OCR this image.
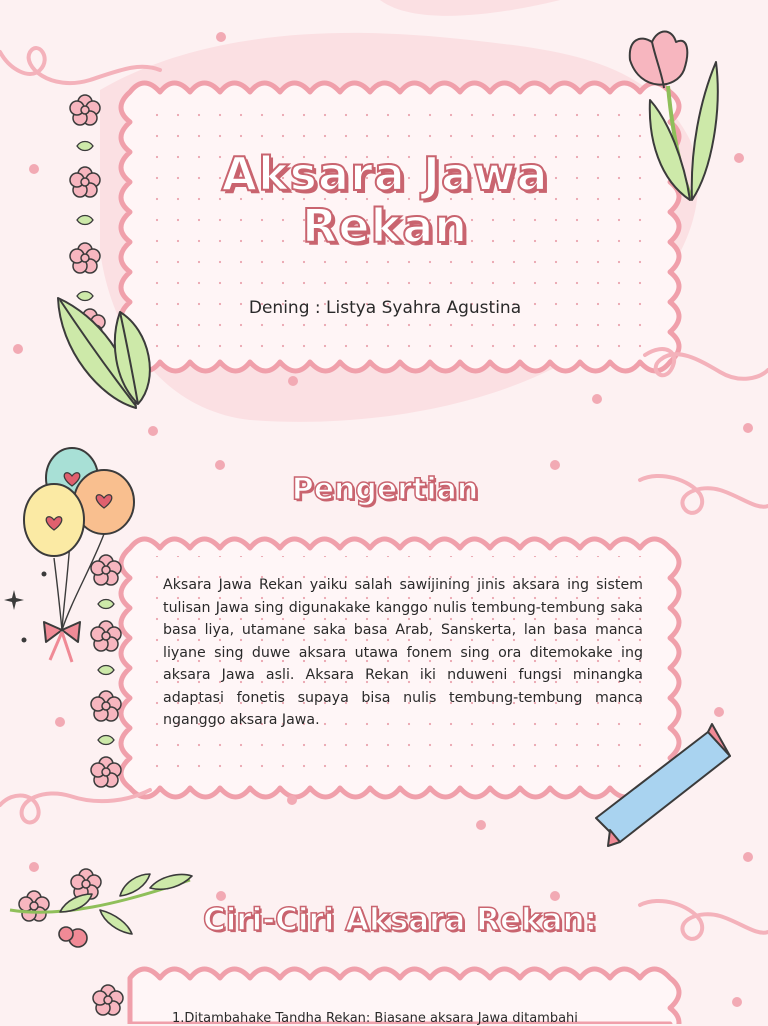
Aksara Jawa
Rekan
Dening : Listya Syahra Agustina
Pengertian
Aksara Jawa Rekan yaiku salah sawijining jinis aksara ing sistem tulisan Jawa sing digunakake kanggo nulis tembung-tembung saka basa liya, utamane saka basa Arab, Sanskerta, lan basa manca liyane sing duwe aksara utawa fonem sing ora ditemokake ing aksara Jawa asli. Aksara Rekan iki nduweni fungsi minangka adaptasi fonetis supaya bisa nulis tembung-tembung manca nganggo aksara Jawa.
Ciri-Ciri Aksara Rekan:
1.Ditambahake Tandha Rekan: Biasane aksara Jawa ditambahi
